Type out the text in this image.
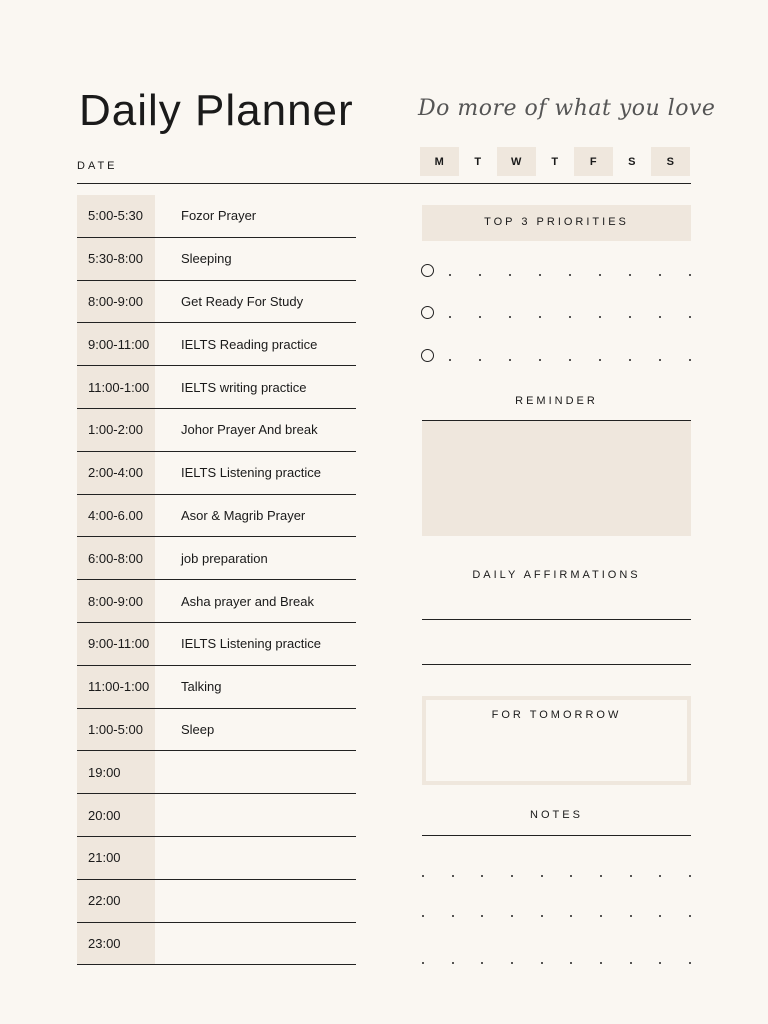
Daily Planner	Do more of what you love
DATE	M	T	W	T	F	S	S
5:00-5:30	Fozor Prayer
5:30-8:00	Sleeping
8:00-9:00	Get Ready For Study
9:00-11:00	IELTS Reading practice
11:00-1:00	IELTS writing practice
1:00-2:00	Johor Prayer And break
2:00-4:00	IELTS Listening practice
4:00-6.00	Asor & Magrib Prayer
6:00-8:00	job preparation
8:00-9:00	Asha prayer and Break
9:00-11:00	IELTS Listening practice
11:00-1:00	Talking
1:00-5:00	Sleep
19:00
20:00
21:00
22:00
23:00
TOP 3 PRIORITIES
REMINDER
DAILY AFFIRMATIONS
FOR TOMORROW
NOTES
